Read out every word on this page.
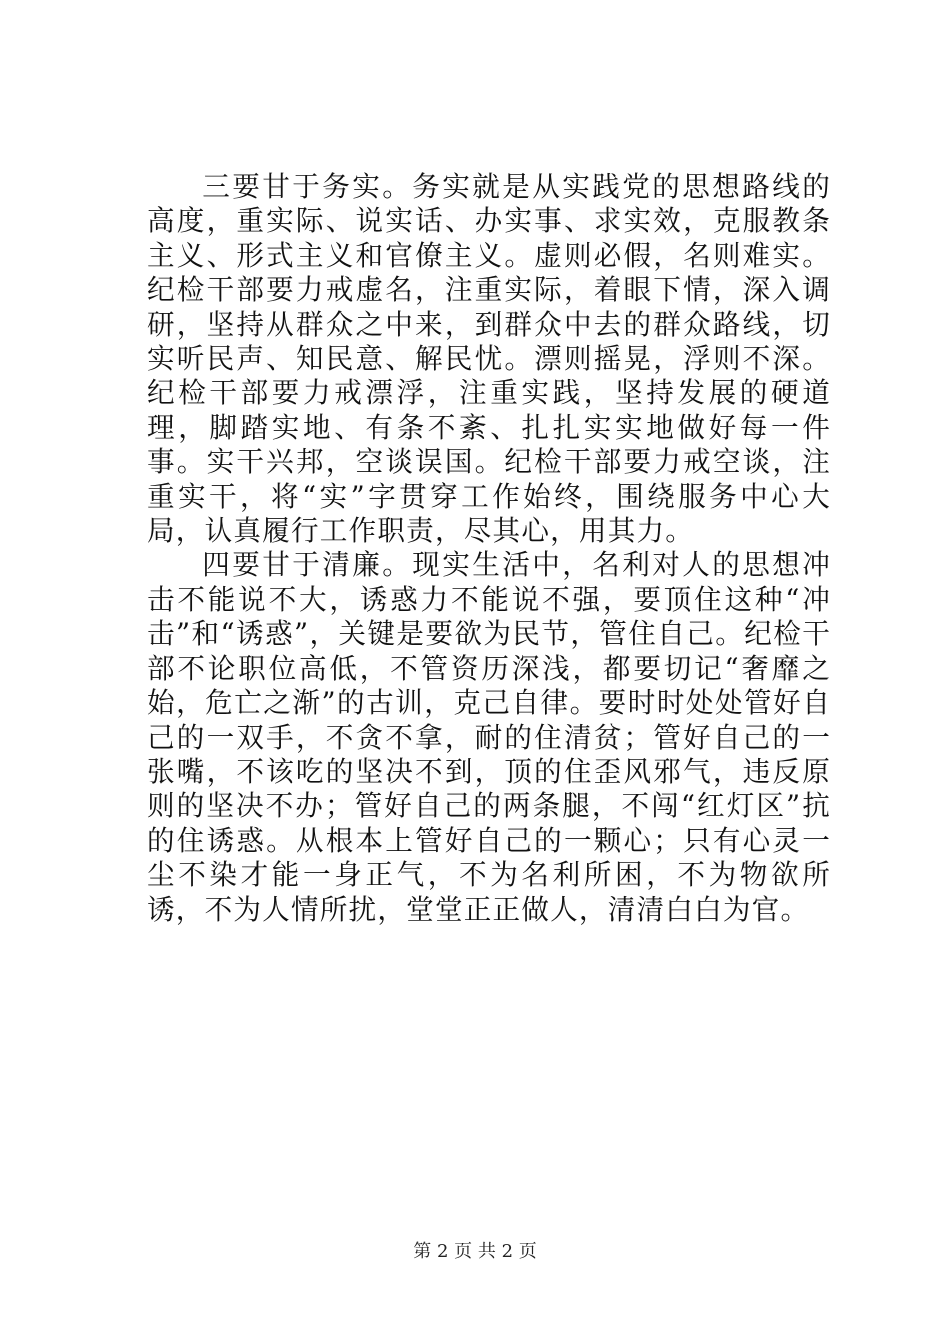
三要甘于务实。务实就是从实践党的思想路线的高度，重实际、说实话、办实事、求实效，克服教条主义、形式主义和官僚主义。虚则必假，名则难实。纪检干部要力戒虚名，注重实际，着眼下情，深入调研，坚持从群众之中来，到群众中去的群众路线，切实听民声、知民意、解民忧。漂则摇晃，浮则不深。纪检干部要力戒漂浮，注重实践，坚持发展的硬道理，脚踏实地、有条不紊、扎扎实实地做好每一件事。实干兴邦，空谈误国。纪检干部要力戒空谈，注重实干，将“实”字贯穿工作始终，围绕服务中心大局，认真履行工作职责，尽其心，用其力。

四要甘于清廉。现实生活中，名利对人的思想冲击不能说不大，诱惑力不能说不强，要顶住这种“冲击”和“诱惑”，关键是要欲为民节，管住自己。纪检干部不论职位高低，不管资历深浅，都要切记“奢靡之始，危亡之渐”的古训，克己自律。要时时处处管好自己的一双手，不贪不拿，耐的住清贫；管好自己的一张嘴，不该吃的坚决不到，顶的住歪风邪气，违反原则的坚决不办；管好自己的两条腿，不闯“红灯区”抗的住诱惑。从根本上管好自己的一颗心；只有心灵一尘不染才能一身正气，不为名利所困，不为物欲所诱，不为人情所扰，堂堂正正做人，清清白白为官。

第 2 页 共 2 页
